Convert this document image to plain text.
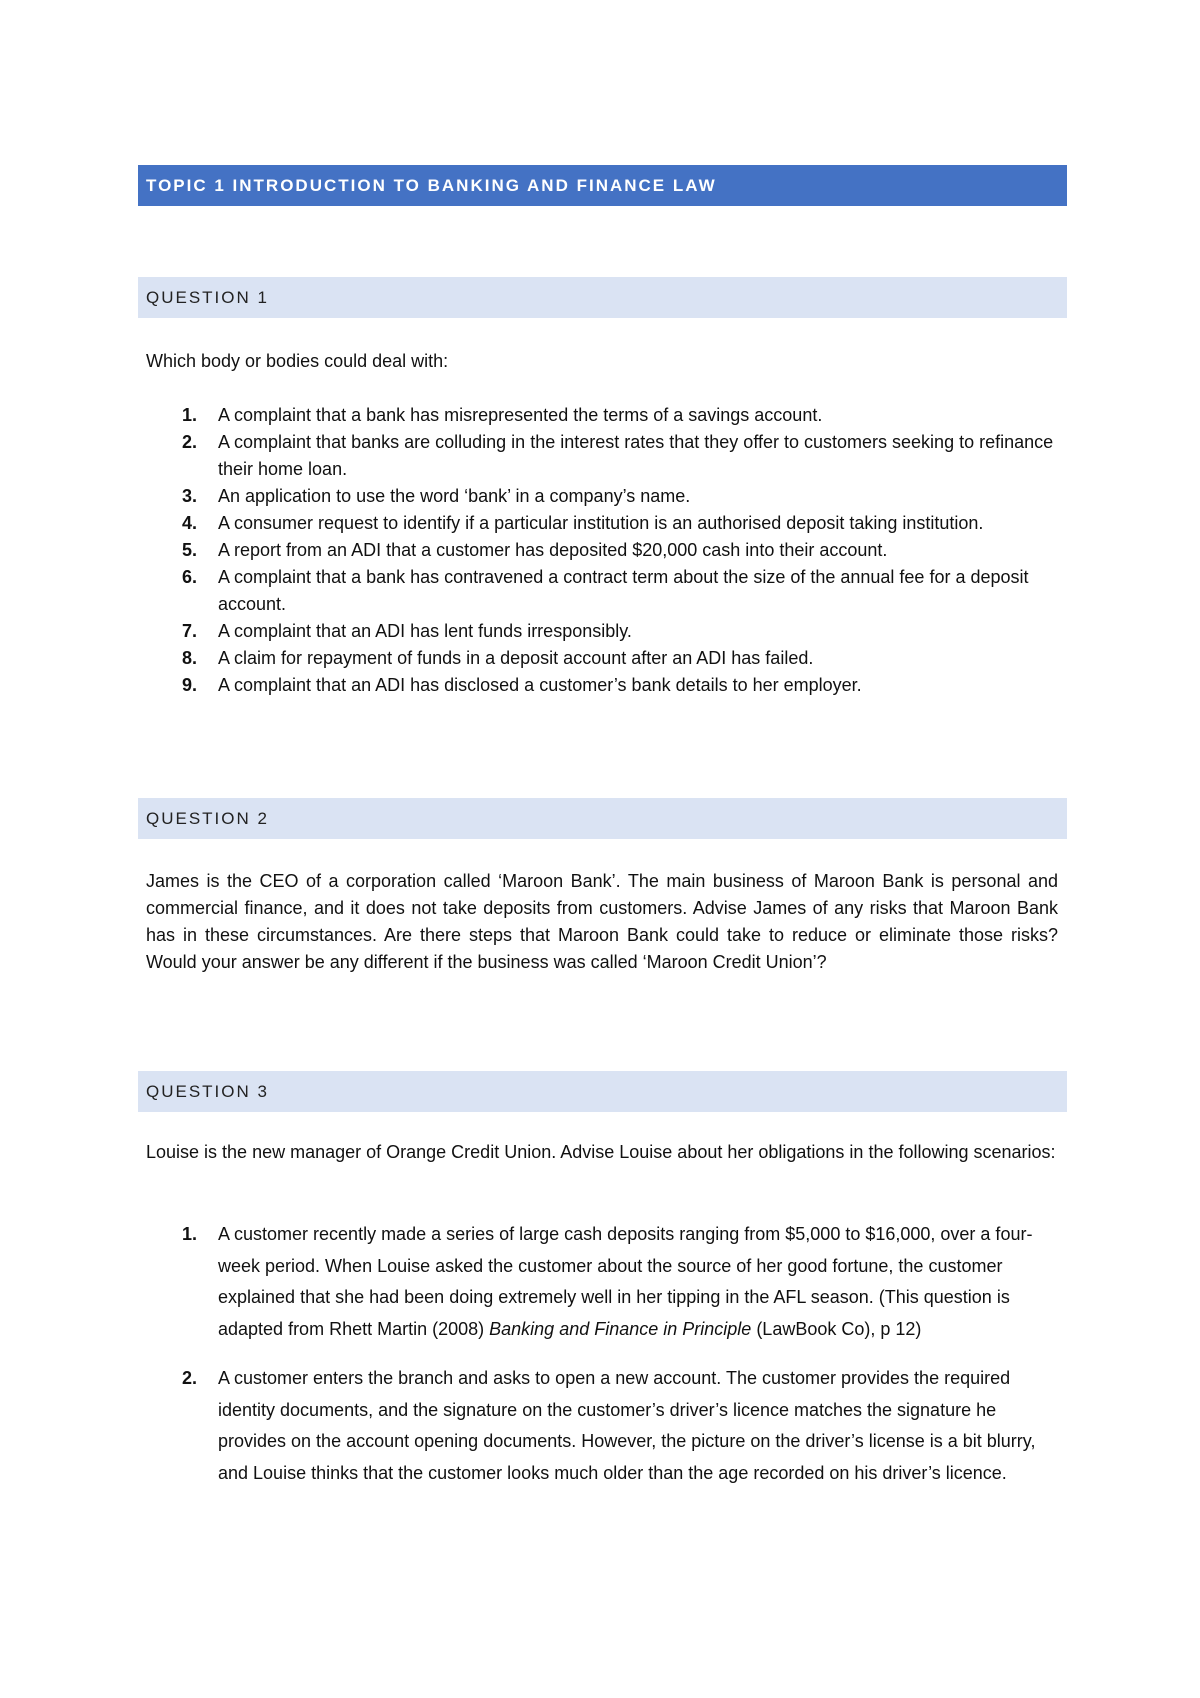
TOPIC 1 INTRODUCTION TO BANKING AND FINANCE LAW
QUESTION 1

Which body or bodies could deal with:

1. A complaint that a bank has misrepresented the terms of a savings account.
2. A complaint that banks are colluding in the interest rates that they offer to customers seeking to refinance their home loan.
3. An application to use the word ‘bank’ in a company’s name.
4. A consumer request to identify if a particular institution is an authorised deposit taking institution.
5. A report from an ADI that a customer has deposited $20,000 cash into their account.
6. A complaint that a bank has contravened a contract term about the size of the annual fee for a deposit account.
7. A complaint that an ADI has lent funds irresponsibly.
8. A claim for repayment of funds in a deposit account after an ADI has failed.
9. A complaint that an ADI has disclosed a customer’s bank details to her employer.
QUESTION 2
James is the CEO of a corporation called ‘Maroon Bank’. The main business of Maroon Bank is personal and commercial finance, and it does not take deposits from customers. Advise James of any risks that Maroon Bank has in these circumstances. Are there steps that Maroon Bank could take to reduce or eliminate those risks? Would your answer be any different if the business was called ‘Maroon Credit Union’?
QUESTION 3
Louise is the new manager of Orange Credit Union. Advise Louise about her obligations in the following scenarios:
1. A customer recently made a series of large cash deposits ranging from $5,000 to $16,000, over a four-week period. When Louise asked the customer about the source of her good fortune, the customer explained that she had been doing extremely well in her tipping in the AFL season. (This question is adapted from Rhett Martin (2008) Banking and Finance in Principle (LawBook Co), p 12)
2. A customer enters the branch and asks to open a new account. The customer provides the required identity documents, and the signature on the customer’s driver’s licence matches the signature he provides on the account opening documents. However, the picture on the driver’s license is a bit blurry, and Louise thinks that the customer looks much older than the age recorded on his driver’s licence.
